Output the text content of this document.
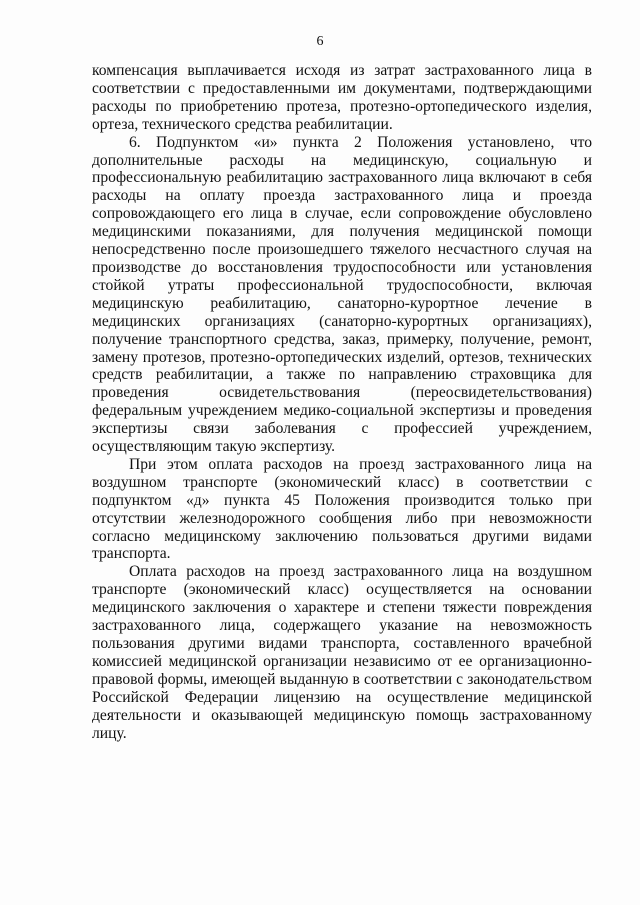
6

компенсация выплачивается исходя из затрат застрахованного лица в соответствии с предоставленными им документами, подтверждающими расходы по приобретению протеза, протезно-ортопедического изделия, ортеза, технического средства реабилитации.

6. Подпунктом «и» пункта 2 Положения установлено, что дополнительные расходы на медицинскую, социальную и профессиональную реабилитацию застрахованного лица включают в себя расходы на оплату проезда застрахованного лица и проезда сопровождающего его лица в случае, если сопровождение обусловлено медицинскими показаниями, для получения медицинской помощи непосредственно после произошедшего тяжелого несчастного случая на производстве до восстановления трудоспособности или установления стойкой утраты профессиональной трудоспособности, включая медицинскую реабилитацию, санаторно-курортное лечение в медицинских организациях (санаторно-курортных организациях), получение транспортного средства, заказ, примерку, получение, ремонт, замену протезов, протезно-ортопедических изделий, ортезов, технических средств реабилитации, а также по направлению страховщика для проведения освидетельствования (переосвидетельствования) федеральным учреждением медико-социальной экспертизы и проведения экспертизы связи заболевания с профессией учреждением, осуществляющим такую экспертизу.

При этом оплата расходов на проезд застрахованного лица на воздушном транспорте (экономический класс) в соответствии с подпунктом «д» пункта 45 Положения производится только при отсутствии железнодорожного сообщения либо при невозможности согласно медицинскому заключению пользоваться другими видами транспорта.

Оплата расходов на проезд застрахованного лица на воздушном транспорте (экономический класс) осуществляется на основании медицинского заключения о характере и степени тяжести повреждения застрахованного лица, содержащего указание на невозможность пользования другими видами транспорта, составленного врачебной комиссией медицинской организации независимо от ее организационно-правовой формы, имеющей выданную в соответствии с законодательством Российской Федерации лицензию на осуществление медицинской деятельности и оказывающей медицинскую помощь застрахованному лицу.
